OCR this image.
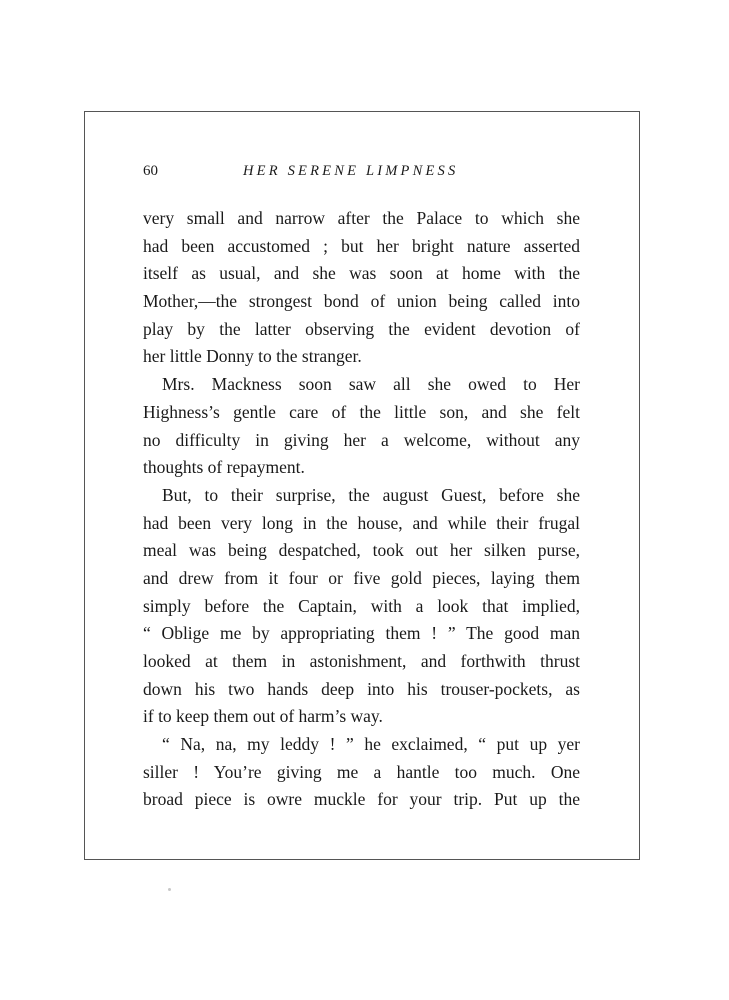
60	HER SERENE LIMPNESS
very small and narrow after the Palace to which she
had been accustomed ; but her bright nature asserted
itself as usual, and she was soon at home with the
Mother,—the strongest bond of union being called into
play by the latter observing the evident devotion of
her little Donny to the stranger.
Mrs. Mackness soon saw all she owed to Her
Highness’s gentle care of the little son, and she felt
no difficulty in giving her a welcome, without any
thoughts of repayment.
But, to their surprise, the august Guest, before she
had been very long in the house, and while their frugal
meal was being despatched, took out her silken purse,
and drew from it four or five gold pieces, laying them
simply before the Captain, with a look that implied,
“ Oblige me by appropriating them ! ” The good man
looked at them in astonishment, and forthwith thrust
down his two hands deep into his trouser-pockets, as
if to keep them out of harm’s way.
“ Na, na, my leddy ! ” he exclaimed, “ put up yer
siller ! You’re giving me a hantle too much. One
broad piece is owre muckle for your trip. Put up the
